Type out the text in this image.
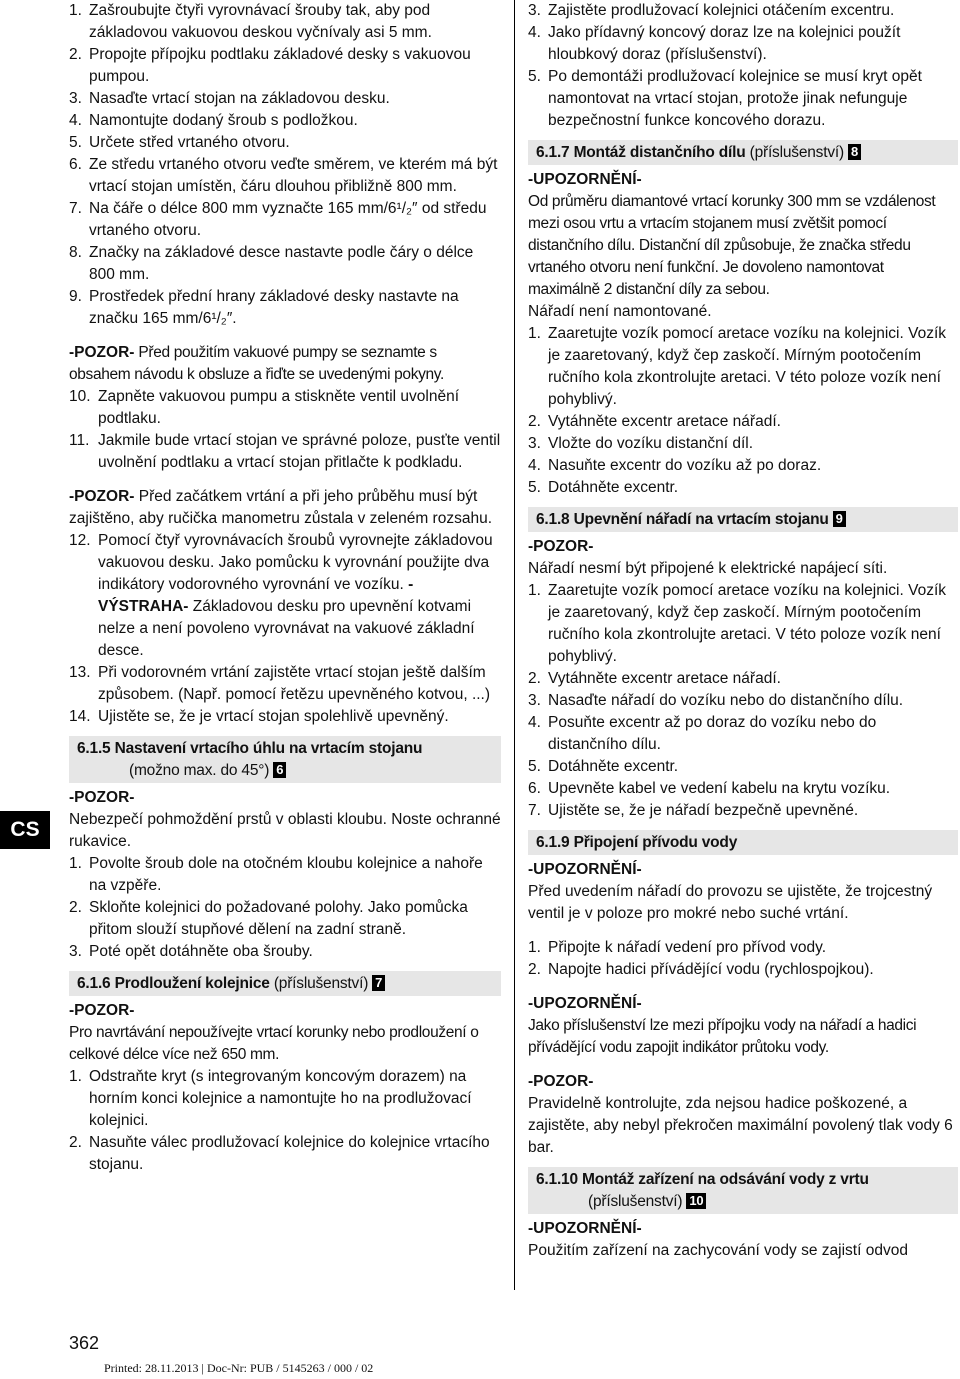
CS
1. Zašroubujte čtyři vyrovnávací šrouby tak, aby pod základovou vakuovou deskou vyčnívaly asi 5 mm.
2. Propojte přípojku podtlaku základové desky s vakuovou pumpou.
3. Nasaďte vrtací stojan na základovou desku.
4. Namontujte dodaný šroub s podložkou.
5. Určete střed vrtaného otvoru.
6. Ze středu vrtaného otvoru veďte směrem, ve kterém má být vrtací stojan umístěn, čáru dlouhou přibližně 800 mm.
7. Na čáře o délce 800 mm vyznačte 165 mm/6¹/₂″ od středu vrtaného otvoru.
8. Značky na základové desce nastavte podle čáry o délce 800 mm.
9. Prostředek přední hrany základové desky nastavte na značku 165 mm/6¹/₂″.

-POZOR- Před použitím vakuové pumpy se seznamte s obsahem návodu k obsluze a řiďte se uvedenými pokyny.

10. Zapněte vakuovou pumpu a stiskněte ventil uvolnění podtlaku.
11. Jakmile bude vrtací stojan ve správné poloze, pusťte ventil uvolnění podtlaku a vrtací stojan přitlačte k podkladu.

-POZOR- Před začátkem vrtání a při jeho průběhu musí být zajištěno, aby ručička manometru zůstala v zeleném rozsahu.

12. Pomocí čtyř vyrovnávacích šroubů vyrovnejte základovou vakuovou desku. Jako pomůcku k vyrovnání použijte dva indikátory vodorovného vyrovnání ve vozíku. -VÝSTRAHA- Základovou desku pro upevnění kotvami nelze a není povoleno vyrovnávat na vakuové základní desce.
13. Při vodorovném vrtání zajistěte vrtací stojan ještě dalším způsobem. (Např. pomocí řetězu upevněného kotvou, ...)
14. Ujistěte se, že je vrtací stojan spolehlivě upevněný.
6.1.5 Nastavení vrtacího úhlu na vrtacím stojanu
(možno max. do 45°) 6

-POZOR-

Nebezpečí pohmoždění prstů v oblasti kloubu. Noste ochranné rukavice.

1. Povolte šroub dole na otočném kloubu kolejnice a nahoře na vzpěře.
2. Skloňte kolejnici do požadované polohy. Jako pomůcka přitom slouží stupňové dělení na zadní straně.
3. Poté opět dotáhněte oba šrouby.
6.1.6 Prodloužení kolejnice (příslušenství) 7

-POZOR-

Pro navrtávání nepoužívejte vrtací korunky nebo prodloužení o celkové délce více než 650 mm.

1. Odstraňte kryt (s integrovaným koncovým dorazem) na horním konci kolejnice a namontujte ho na prodlužovací kolejnici.
2. Nasuňte válec prodlužovací kolejnice do kolejnice vrtacího stojanu.
3. Zajistěte prodlužovací kolejnici otáčením excentru.
4. Jako přídavný koncový doraz lze na kolejnici použít hloubkový doraz (příslušenství).
5. Po demontáži prodlužovací kolejnice se musí kryt opět namontovat na vrtací stojan, protože jinak nefunguje bezpečnostní funkce koncového dorazu.
6.1.7 Montáž distančního dílu (příslušenství) 8

-UPOZORNĚNÍ-

Od průměru diamantové vrtací korunky 300 mm se vzdálenost mezi osou vrtu a vrtacím stojanem musí zvětšit pomocí distančního dílu. Distanční díl způsobuje, že značka středu vrtaného otvoru není funkční. Je dovoleno namontovat maximálně 2 distanční díly za sebou.

Nářadí není namontované.

1. Zaaretujte vozík pomocí aretace vozíku na kolejnici. Vozík je zaaretovaný, když čep zaskočí. Mírným pootočením ručního kola zkontrolujte aretaci. V této poloze vozík není pohyblivý.
2. Vytáhněte excentr aretace nářadí.
3. Vložte do vozíku distanční díl.
4. Nasuňte excentr do vozíku až po doraz.
5. Dotáhněte excentr.
6.1.8 Upevnění nářadí na vrtacím stojanu 9

-POZOR-

Nářadí nesmí být připojené k elektrické napájecí síti.

1. Zaaretujte vozík pomocí aretace vozíku na kolejnici. Vozík je zaaretovaný, když čep zaskočí. Mírným pootočením ručního kola zkontrolujte aretaci. V této poloze vozík není pohyblivý.
2. Vytáhněte excentr aretace nářadí.
3. Nasaďte nářadí do vozíku nebo do distančního dílu.
4. Posuňte excentr až po doraz do vozíku nebo do distančního dílu.
5. Dotáhněte excentr.
6. Upevněte kabel ve vedení kabelu na krytu vozíku.
7. Ujistěte se, že je nářadí bezpečně upevněné.
6.1.9 Připojení přívodu vody

-UPOZORNĚNÍ-

Před uvedením nářadí do provozu se ujistěte, že trojcestný ventil je v poloze pro mokré nebo suché vrtání.

1. Připojte k nářadí vedení pro přívod vody.
2. Napojte hadici přívádějící vodu (rychlospojkou).

-UPOZORNĚNÍ-

Jako příslušenství lze mezi přípojku vody na nářadí a hadici přívádějící vodu zapojit indikátor průtoku vody.

-POZOR-

Pravidelně kontrolujte, zda nejsou hadice poškozené, a zajistěte, aby nebyl překročen maximální povolený tlak vody 6 bar.

6.1.10 Montáž zařízení na odsávání vody z vrtu
(příslušenství) 10

-UPOZORNĚNÍ-

Použitím zařízení na zachycování vody se zajistí odvod

362
Printed: 28.11.2013 | Doc-Nr: PUB / 5145263 / 000 / 02
